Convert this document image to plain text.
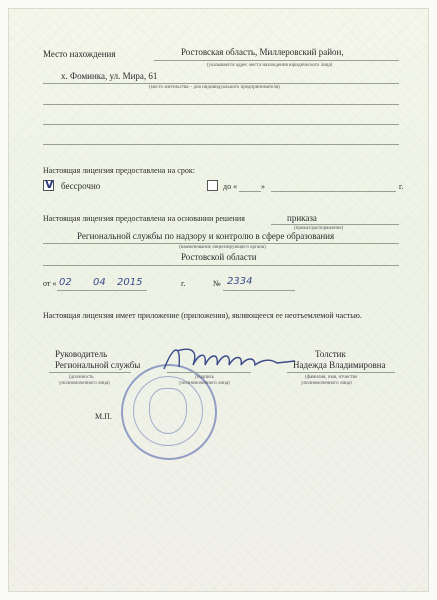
Место нахождения	Ростовская область, Миллеровский район,
(указывается адрес места нахождения юридического лица)
х. Фоминка, ул. Мира, 61
(место жительства – для индивидуального предпринимателя)
Настоящая лицензия предоставлена на срок:
V бессрочно	до «	»	г.
Настоящая лицензия предоставлена на основании решения	приказа
(приказ/распоряжение)
Региональной службы по надзору и контролю в сфере образования
(наименование лицензирующего органа)
Ростовской области
от « 02 04 2015	г.	№ 2334
Настоящая лицензия имеет приложение (приложения), являющееся ее неотъемлемой частью.
Руководитель
Региональной службы
(должность
уполномоченного лица)
(подпись
уполномоченного лица)
Толстик
Надежда Владимировна
(фамилия, имя, отчество
уполномоченного лица)
М.П.
